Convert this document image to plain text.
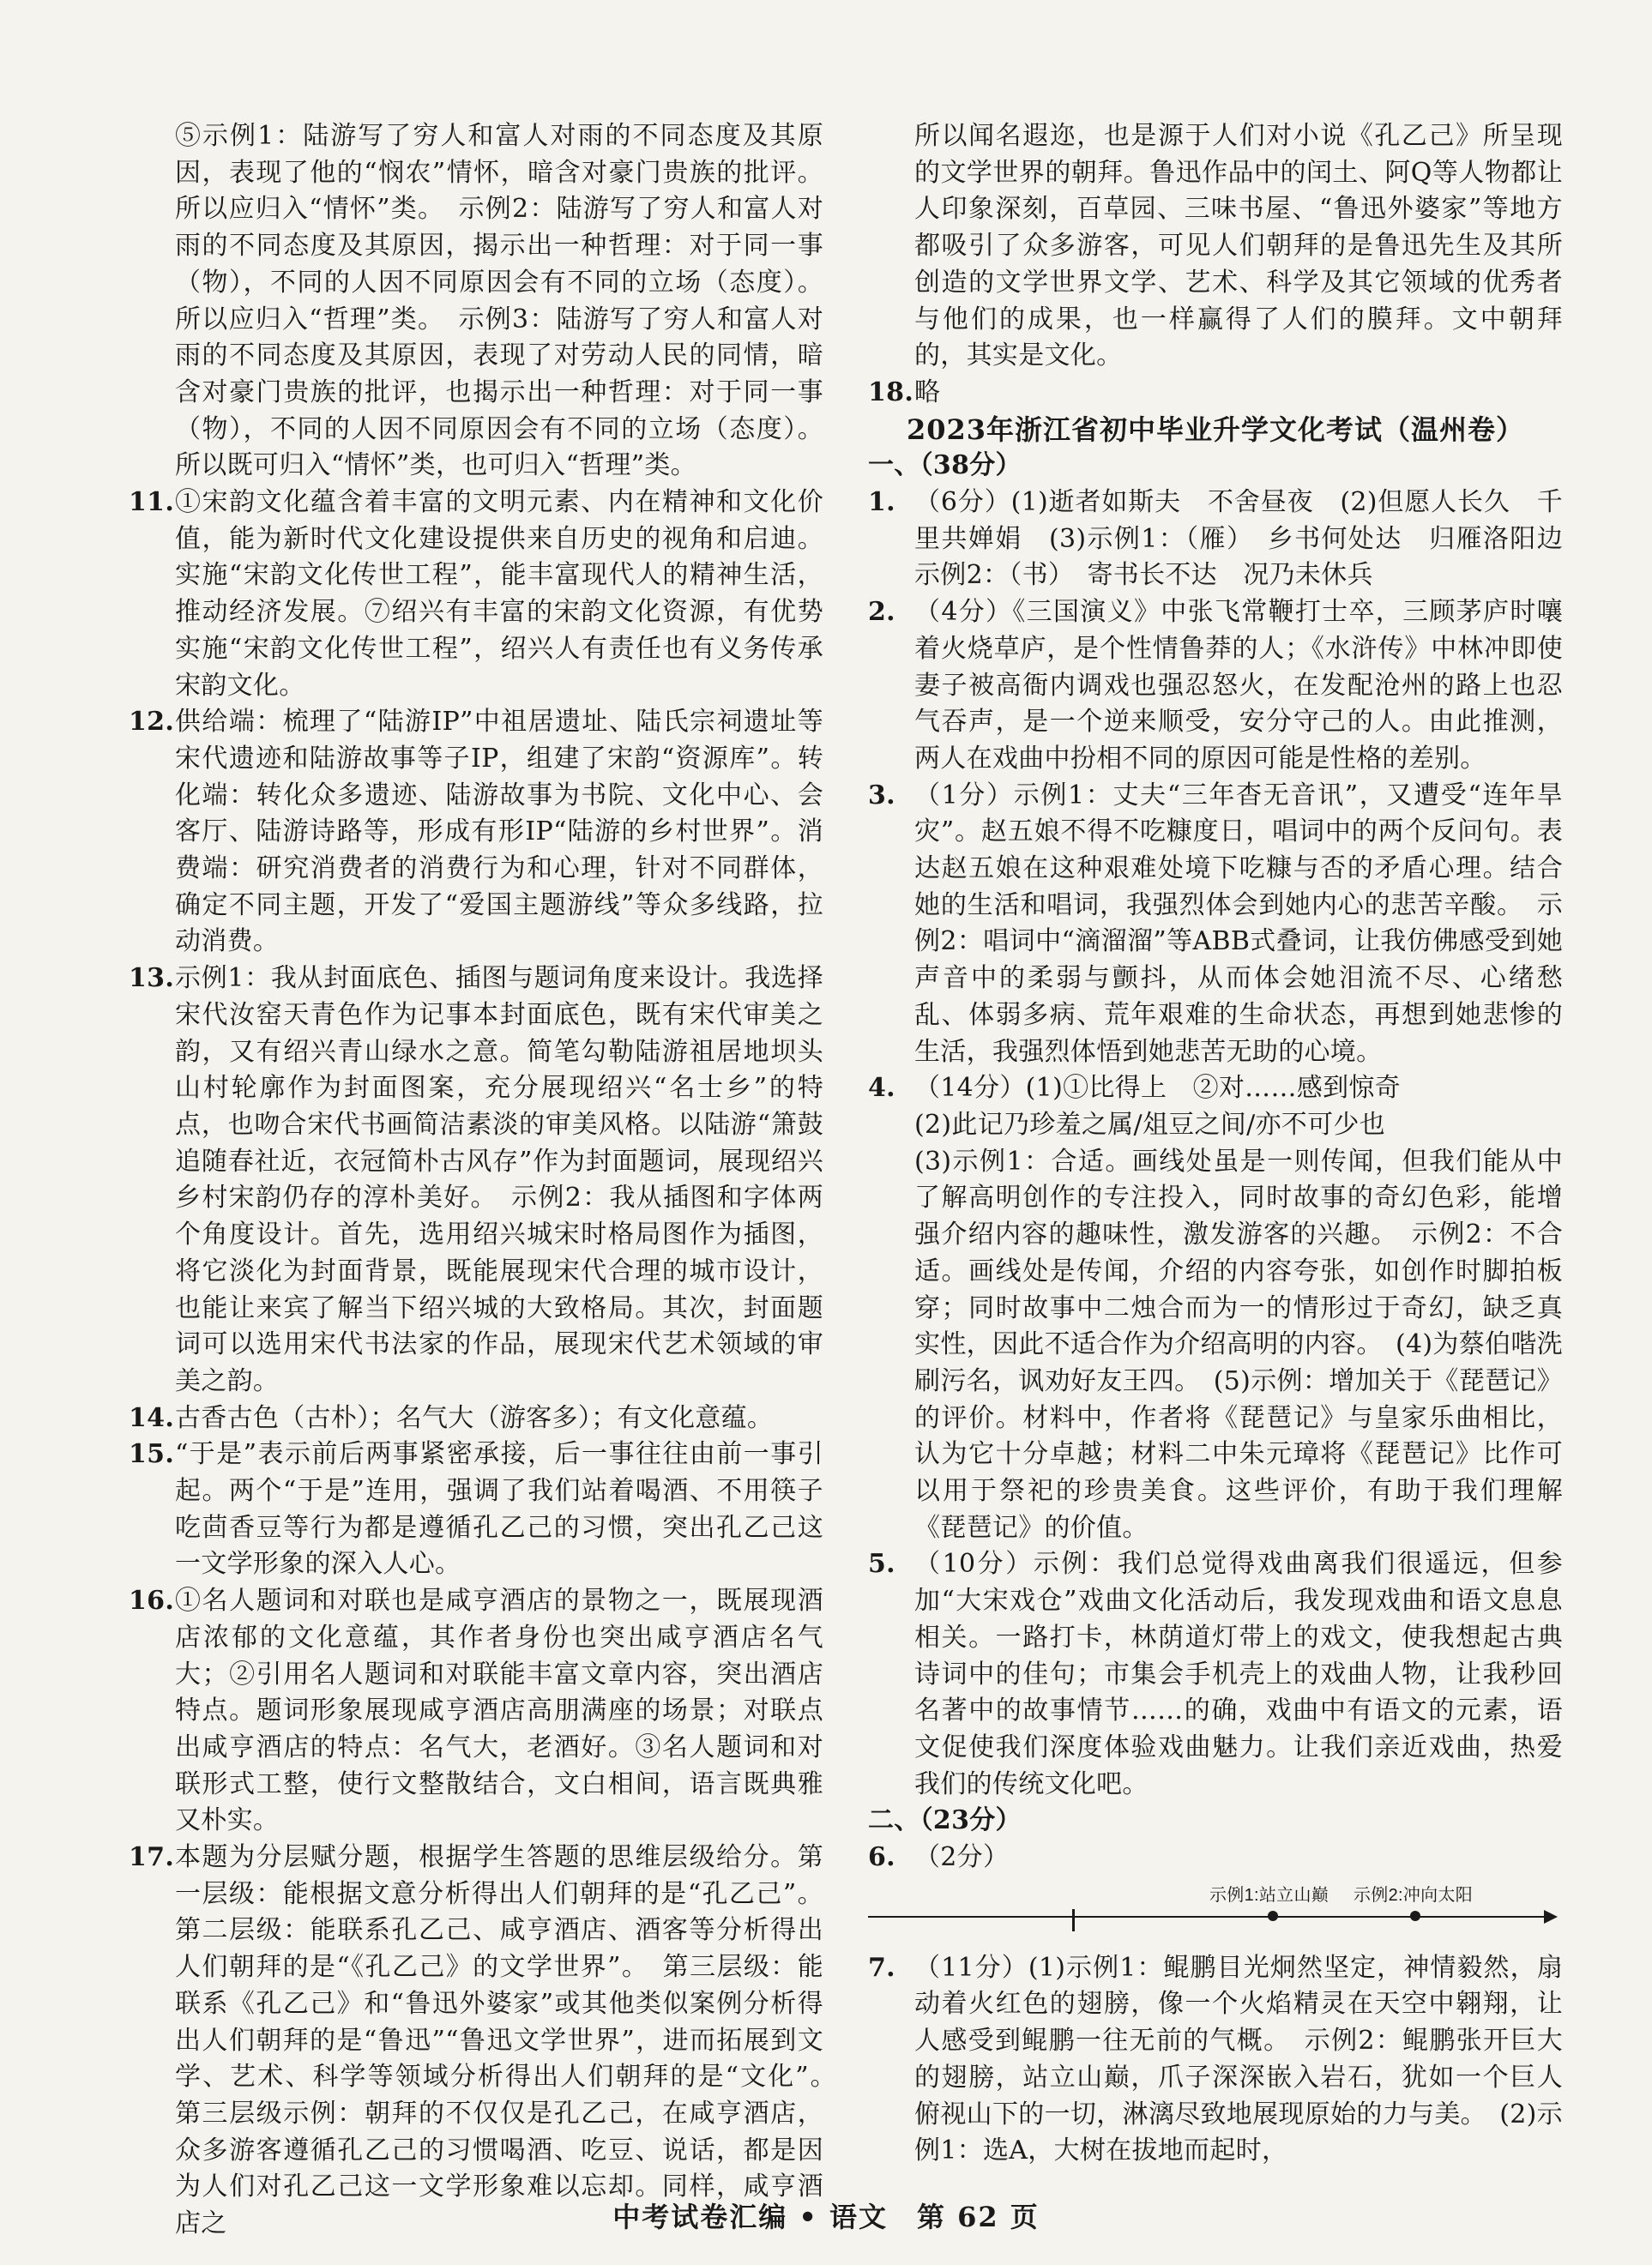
⑤示例1：陆游写了穷人和富人对雨的不同态度及其原因，表现了他的“悯农”情怀，暗含对豪门贵族的批评。所以应归入“情怀”类。　示例2：陆游写了穷人和富人对雨的不同态度及其原因，揭示出一种哲理：对于同一事（物），不同的人因不同原因会有不同的立场（态度）。所以应归入“哲理”类。　示例3：陆游写了穷人和富人对雨的不同态度及其原因，表现了对劳动人民的同情，暗含对豪门贵族的批评，也揭示出一种哲理：对于同一事（物），不同的人因不同原因会有不同的立场（态度）。所以既可归入“情怀”类，也可归入“哲理”类。
11. ①宋韵文化蕴含着丰富的文明元素、内在精神和文化价值，能为新时代文化建设提供来自历史的视角和启迪。实施“宋韵文化传世工程”，能丰富现代人的精神生活，推动经济发展。⑦绍兴有丰富的宋韵文化资源，有优势实施“宋韵文化传世工程”，绍兴人有责任也有义务传承宋韵文化。
12. 供给端：梳理了“陆游IP”中祖居遗址、陆氏宗祠遗址等宋代遗迹和陆游故事等子IP，组建了宋韵“资源库”。转化端：转化众多遗迹、陆游故事为书院、文化中心、会客厅、陆游诗路等，形成有形IP“陆游的乡村世界”。消费端：研究消费者的消费行为和心理，针对不同群体，确定不同主题，开发了“爱国主题游线”等众多线路，拉动消费。
13. 示例1：我从封面底色、插图与题词角度来设计。我选择宋代汝窑天青色作为记事本封面底色，既有宋代审美之韵，又有绍兴青山绿水之意。简笔勾勒陆游祖居地坝头山村轮廓作为封面图案，充分展现绍兴“名士乡”的特点，也吻合宋代书画简洁素淡的审美风格。以陆游“箫鼓追随春社近，衣冠简朴古风存”作为封面题词，展现绍兴乡村宋韵仍存的淳朴美好。　示例2：我从插图和字体两个角度设计。首先，选用绍兴城宋时格局图作为插图，将它淡化为封面背景，既能展现宋代合理的城市设计，也能让来宾了解当下绍兴城的大致格局。其次，封面题词可以选用宋代书法家的作品，展现宋代艺术领域的审美之韵。
14. 古香古色（古朴）；名气大（游客多）；有文化意蕴。
15. “于是”表示前后两事紧密承接，后一事往往由前一事引起。两个“于是”连用，强调了我们站着喝酒、不用筷子吃茴香豆等行为都是遵循孔乙己的习惯，突出孔乙己这一文学形象的深入人心。
16. ①名人题词和对联也是咸亨酒店的景物之一，既展现酒店浓郁的文化意蕴，其作者身份也突出咸亨酒店名气大；②引用名人题词和对联能丰富文章内容，突出酒店特点。题词形象展现咸亨酒店高朋满座的场景；对联点出咸亨酒店的特点：名气大，老酒好。③名人题词和对联形式工整，使行文整散结合，文白相间，语言既典雅又朴实。
17. 本题为分层赋分题，根据学生答题的思维层级给分。第一层级：能根据文意分析得出人们朝拜的是“孔乙己”。第二层级：能联系孔乙己、咸亨酒店、酒客等分析得出人们朝拜的是“《孔乙己》的文学世界”。　第三层级：能联系《孔乙己》和“鲁迅外婆家”或其他类似案例分析得出人们朝拜的是“鲁迅”“鲁迅文学世界”，进而拓展到文学、艺术、科学等领域分析得出人们朝拜的是“文化”。　第三层级示例：朝拜的不仅仅是孔乙己，在咸亨酒店，众多游客遵循孔乙己的习惯喝酒、吃豆、说话，都是因为人们对孔乙己这一文学形象难以忘却。同样，咸亨酒店之
所以闻名遐迩，也是源于人们对小说《孔乙己》所呈现的文学世界的朝拜。鲁迅作品中的闰土、阿Q等人物都让人印象深刻，百草园、三味书屋、“鲁迅外婆家”等地方都吸引了众多游客，可见人们朝拜的是鲁迅先生及其所创造的文学世界文学、艺术、科学及其它领域的优秀者与他们的成果，也一样赢得了人们的膜拜。文中朝拜的，其实是文化。
18. 略
2023年浙江省初中毕业升学文化考试（温州卷）
一、（38分）
1. （6分）(1)逝者如斯夫　不舍昼夜　(2)但愿人长久　千里共婵娟　(3)示例1：（雁）　乡书何处达　归雁洛阳边　示例2：（书）　寄书长不达　况乃未休兵
2. （4分）《三国演义》中张飞常鞭打士卒，三顾茅庐时嚷着火烧草庐，是个性情鲁莽的人；《水浒传》中林冲即使妻子被高衙内调戏也强忍怒火，在发配沧州的路上也忍气吞声，是一个逆来顺受，安分守己的人。由此推测，两人在戏曲中扮相不同的原因可能是性格的差别。
3. （1分）示例1：丈夫“三年杳无音讯”，又遭受“连年旱灾”。赵五娘不得不吃糠度日，唱词中的两个反问句。表达赵五娘在这种艰难处境下吃糠与否的矛盾心理。结合她的生活和唱词，我强烈体会到她内心的悲苦辛酸。　示例2：唱词中“滴溜溜”等ABB式叠词，让我仿佛感受到她声音中的柔弱与颤抖，从而体会她泪流不尽、心绪愁乱、体弱多病、荒年艰难的生命状态，再想到她悲惨的生活，我强烈体悟到她悲苦无助的心境。
4. （14分）(1)①比得上　②对……感到惊奇
(2)此记乃珍羞之属/俎豆之间/亦不可少也
(3)示例1：合适。画线处虽是一则传闻，但我们能从中了解高明创作的专注投入，同时故事的奇幻色彩，能增强介绍内容的趣味性，激发游客的兴趣。　示例2：不合适。画线处是传闻，介绍的内容夸张，如创作时脚拍板穿；同时故事中二烛合而为一的情形过于奇幻，缺乏真实性，因此不适合作为介绍高明的内容。　(4)为蔡伯喈洗刷污名，讽劝好友王四。　(5)示例：增加关于《琵琶记》的评价。材料中，作者将《琵琶记》与皇家乐曲相比，认为它十分卓越；材料二中朱元璋将《琵琶记》比作可以用于祭祀的珍贵美食。这些评价，有助于我们理解《琵琶记》的价值。
5. （10分）示例：我们总觉得戏曲离我们很遥远，但参加“大宋戏仓”戏曲文化活动后，我发现戏曲和语文息息相关。一路打卡，林荫道灯带上的戏文，使我想起古典诗词中的佳句；市集会手机壳上的戏曲人物，让我秒回名著中的故事情节……的确，戏曲中有语文的元素，语文促使我们深度体验戏曲魅力。让我们亲近戏曲，热爱我们的传统文化吧。
二、（23分）
6. （2分）
示例1:站立山巅 示例2:冲向太阳
7. （11分）(1)示例1：鲲鹏目光炯然坚定，神情毅然，扇动着火红色的翅膀，像一个火焰精灵在天空中翱翔，让人感受到鲲鹏一往无前的气概。　示例2：鲲鹏张开巨大的翅膀，站立山巅，爪子深深嵌入岩石，犹如一个巨人俯视山下的一切，淋漓尽致地展现原始的力与美。　(2)示例1：选A，大树在拔地而起时，
中考试卷汇编 • 语文　第 62 页
